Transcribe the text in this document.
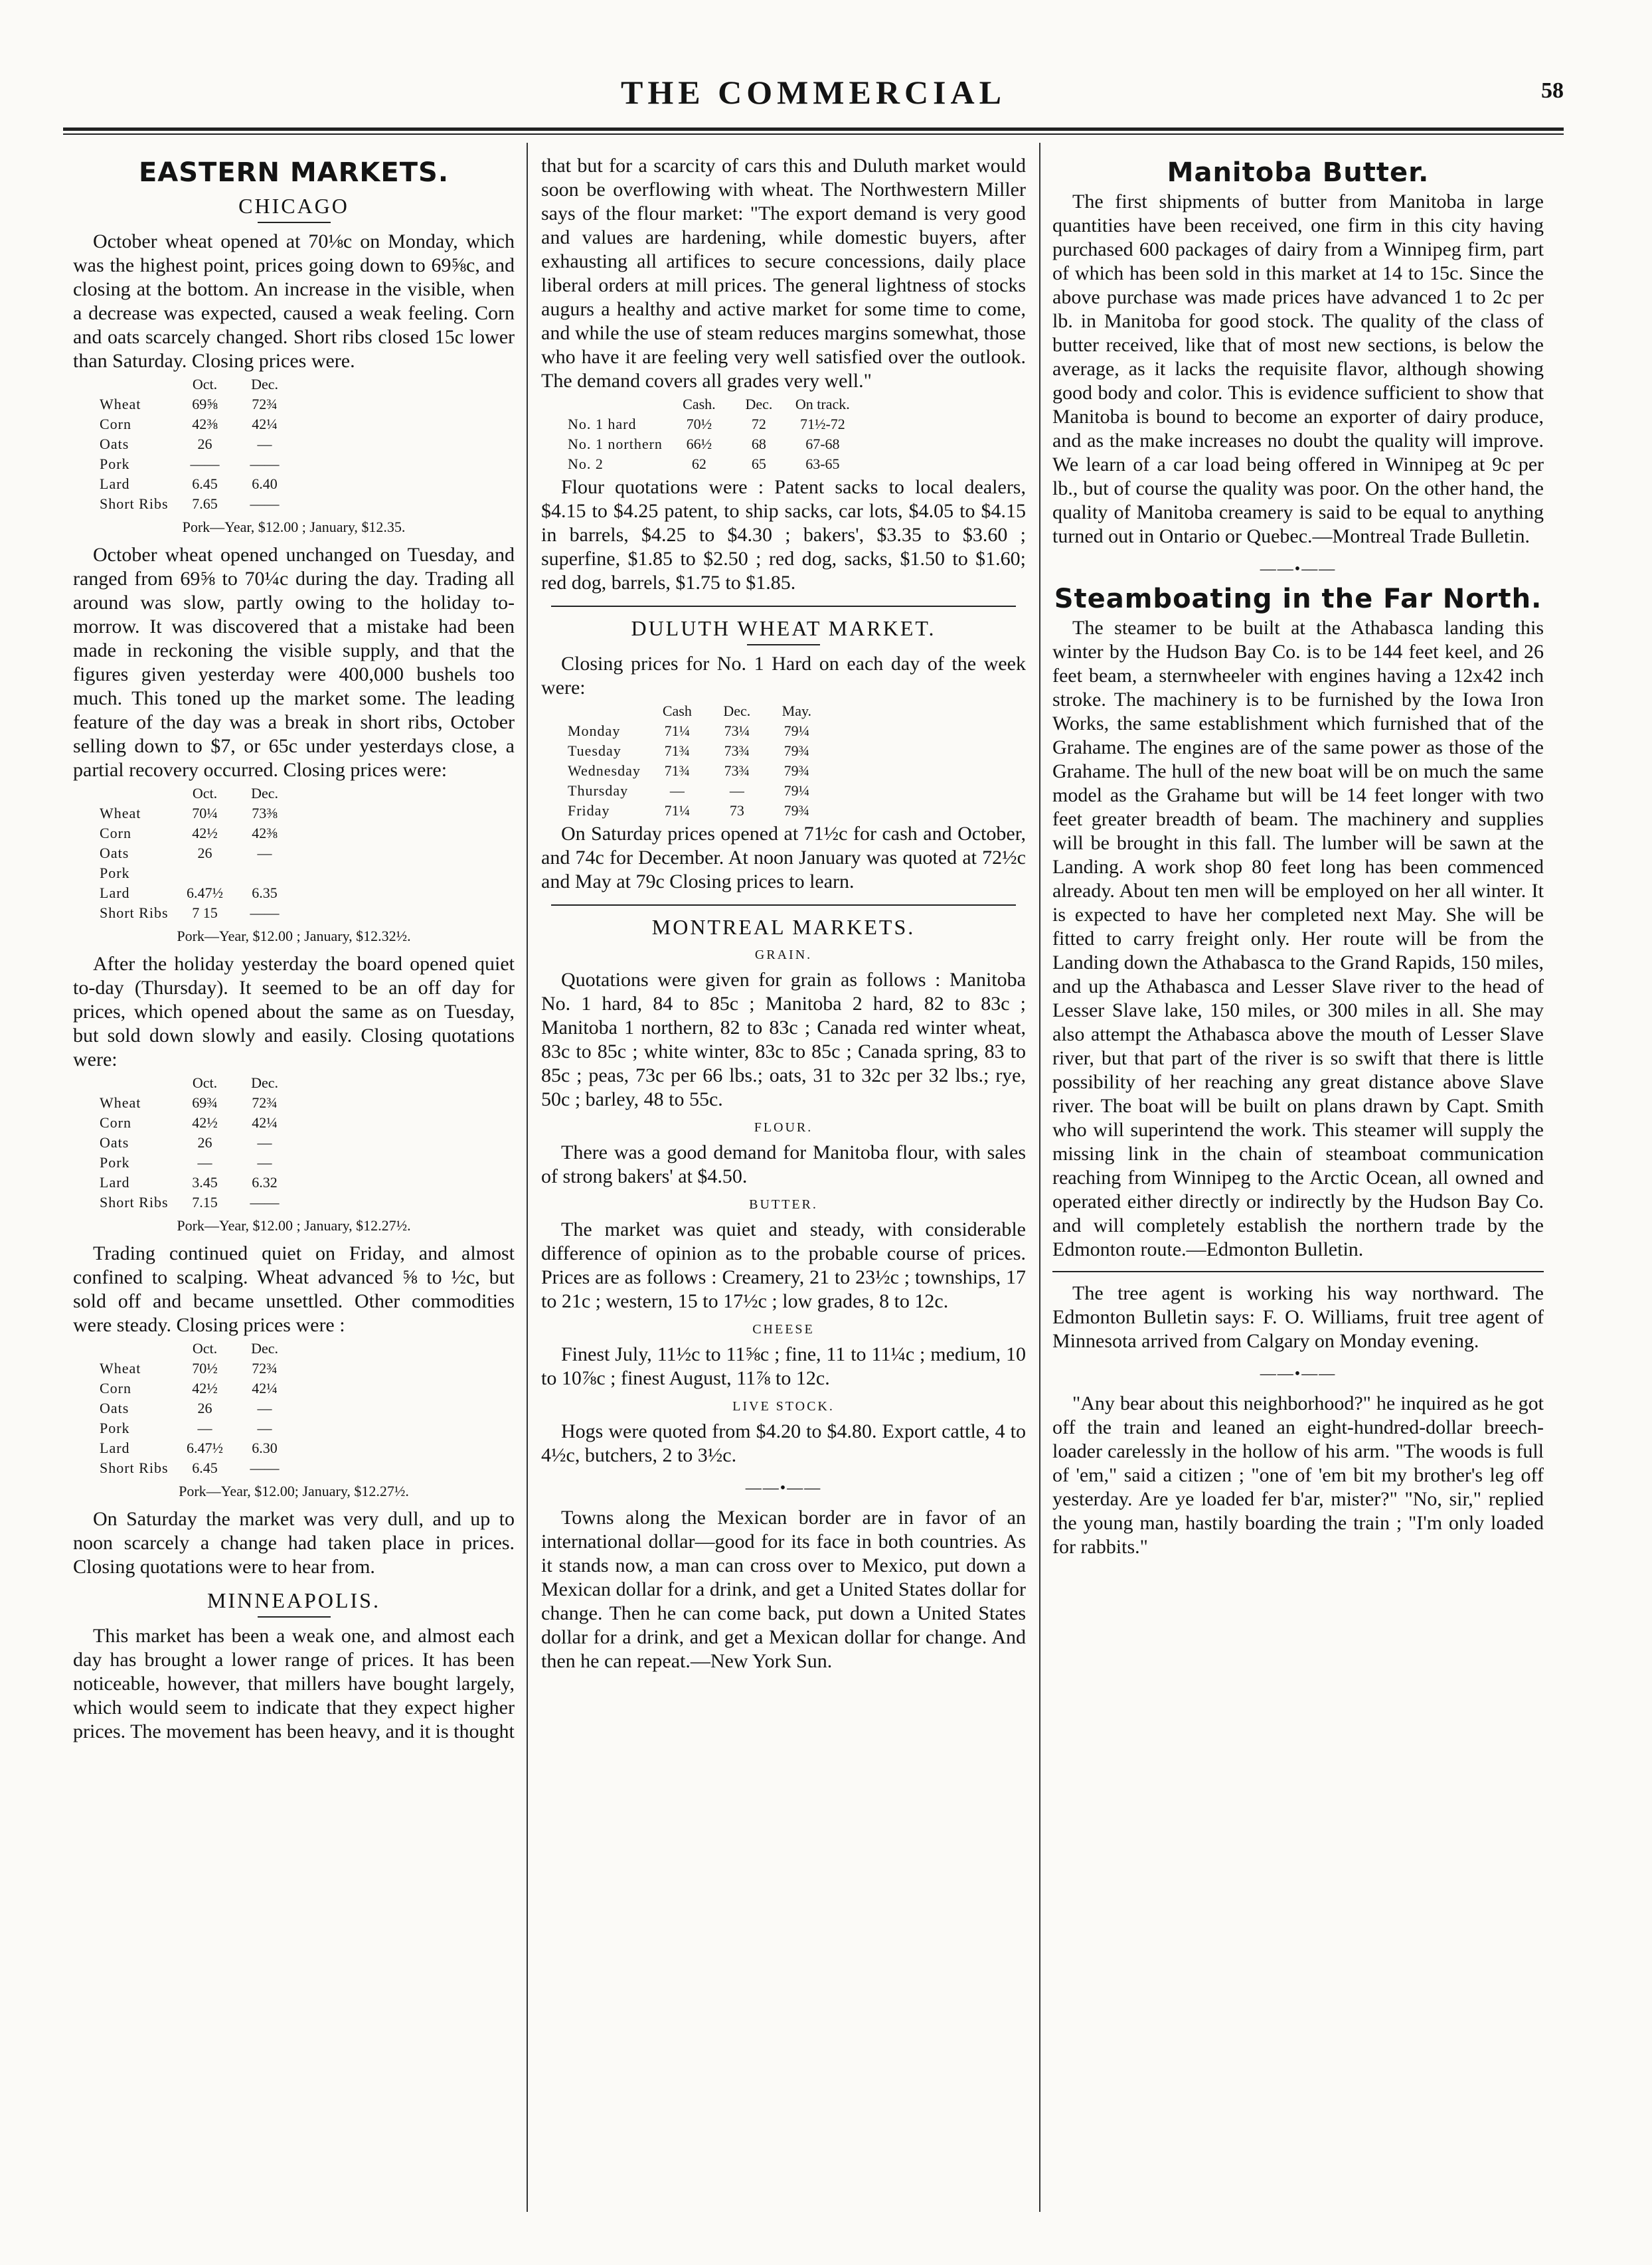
THE COMMERCIAL	58
EASTERN MARKETS.
CHICAGO

October wheat opened at 70⅛c on Monday, which was the highest point, prices going down to 69⅝c, and closing at the bottom. An increase in the visible, when a decrease was expected, caused a weak feeling. Corn and oats scarcely changed. Short ribs closed 15c lower than Saturday. Closing prices were.

	Oct.	Dec.
Wheat	69⅝	72¾
Corn	42⅜	42¼
Oats	26	—
Pork	——	——
Lard	6.45	6.40
Short Ribs	7.65	——
Pork—Year, $12.00 ; January, $12.35.

October wheat opened unchanged on Tuesday, and ranged from 69⅝ to 70¼c during the day. Trading all around was slow, partly owing to the holiday to-morrow. It was discovered that a mistake had been made in reckoning the visible supply, and that the figures given yesterday were 400,000 bushels too much. This toned up the market some. The leading feature of the day was a break in short ribs, October selling down to $7, or 65c under yesterdays close, a partial recovery occurred. Closing prices were:

	Oct.	Dec.
Wheat	70¼	73⅜
Corn	42½	42⅜
Oats	26	—
Pork		
Lard	6.47½	6.35
Short Ribs	7 15	——
Pork—Year, $12.00 ; January, $12.32½.

After the holiday yesterday the board opened quiet to-day (Thursday). It seemed to be an off day for prices, which opened about the same as on Tuesday, but sold down slowly and easily. Closing quotations were:

	Oct.	Dec.
Wheat	69¾	72¾
Corn	42½	42¼
Oats	26	—
Pork	—	—
Lard	3.45	6.32
Short Ribs	7.15	——
Pork—Year, $12.00 ; January, $12.27½.

Trading continued quiet on Friday, and almost confined to scalping. Wheat advanced ⅝ to ½c, but sold off and became unsettled. Other commodities were steady. Closing prices were :

	Oct.	Dec.
Wheat	70½	72¾
Corn	42½	42¼
Oats	26	—
Pork	—	—
Lard	6.47½	6.30
Short Ribs	6.45	——
Pork—Year, $12.00; January, $12.27½.

On Saturday the market was very dull, and up to noon scarcely a change had taken place in prices. Closing quotations were to hear from.

MINNEAPOLIS.

This market has been a weak one, and almost each day has brought a lower range of prices. It has been noticeable, however, that millers have bought largely, which would seem to indicate that they expect higher prices. The movement has been heavy, and it is thought

that but for a scarcity of cars this and Duluth market would soon be overflowing with wheat. The Northwestern Miller says of the flour market: "The export demand is very good and values are hardening, while domestic buyers, after exhausting all artifices to secure concessions, daily place liberal orders at mill prices. The general lightness of stocks augurs a healthy and active market for some time to come, and while the use of steam reduces margins somewhat, those who have it are feeling very well satisfied over the outlook. The demand covers all grades very well."

	Cash.	Dec.	On track.
No. 1 hard	70½	72	71½-72
No. 1 northern	66½	68	67-68
No. 2	62	65	63-65

Flour quotations were : Patent sacks to local dealers, $4.15 to $4.25 patent, to ship sacks, car lots, $4.05 to $4.15 in barrels, $4.25 to $4.30 ; bakers', $3.35 to $3.60 ; superfine, $1.85 to $2.50 ; red dog, sacks, $1.50 to $1.60; red dog, barrels, $1.75 to $1.85.

DULUTH WHEAT MARKET.

Closing prices for No. 1 Hard on each day of the week were:

	Cash	Dec.	May.
Monday	71¼	73¼	79¼
Tuesday	71¾	73¾	79¾
Wednesday	71¾	73¾	79¾
Thursday	—	—	79¼
Friday	71¼	73	79¾

On Saturday prices opened at 71½c for cash and October, and 74c for December. At noon January was quoted at 72½c and May at 79c Closing prices to learn.

MONTREAL MARKETS.
GRAIN.

Quotations were given for grain as follows : Manitoba No. 1 hard, 84 to 85c ; Manitoba 2 hard, 82 to 83c ; Manitoba 1 northern, 82 to 83c ; Canada red winter wheat, 83c to 85c ; white winter, 83c to 85c ; Canada spring, 83 to 85c ; peas, 73c per 66 lbs.; oats, 31 to 32c per 32 lbs.; rye, 50c ; barley, 48 to 55c.

FLOUR.

There was a good demand for Manitoba flour, with sales of strong bakers' at $4.50.

BUTTER.

The market was quiet and steady, with considerable difference of opinion as to the probable course of prices. Prices are as follows : Creamery, 21 to 23½c ; townships, 17 to 21c ; western, 15 to 17½c ; low grades, 8 to 12c.

CHEESE

Finest July, 11½c to 11⅝c ; fine, 11 to 11¼c ; medium, 10 to 10⅞c ; finest August, 11⅞ to 12c.

LIVE STOCK.

Hogs were quoted from $4.20 to $4.80. Export cattle, 4 to 4½c, butchers, 2 to 3½c.

——•——

Towns along the Mexican border are in favor of an international dollar—good for its face in both countries. As it stands now, a man can cross over to Mexico, put down a Mexican dollar for a drink, and get a United States dollar for change. Then he can come back, put down a United States dollar for a drink, and get a Mexican dollar for change. And then he can repeat.—New York Sun.

Manitoba Butter.

The first shipments of butter from Manitoba in large quantities have been received, one firm in this city having purchased 600 packages of dairy from a Winnipeg firm, part of which has been sold in this market at 14 to 15c. Since the above purchase was made prices have advanced 1 to 2c per lb. in Manitoba for good stock. The quality of the class of butter received, like that of most new sections, is below the average, as it lacks the requisite flavor, although showing good body and color. This is evidence sufficient to show that Manitoba is bound to become an exporter of dairy produce, and as the make increases no doubt the quality will improve. We learn of a car load being offered in Winnipeg at 9c per lb., but of course the quality was poor. On the other hand, the quality of Manitoba creamery is said to be equal to anything turned out in Ontario or Quebec.—Montreal Trade Bulletin.

——•——
Steamboating in the Far North.

The steamer to be built at the Athabasca landing this winter by the Hudson Bay Co. is to be 144 feet keel, and 26 feet beam, a sternwheeler with engines having a 12x42 inch stroke. The machinery is to be furnished by the Iowa Iron Works, the same establishment which furnished that of the Grahame. The engines are of the same power as those of the Grahame. The hull of the new boat will be on much the same model as the Grahame but will be 14 feet longer with two feet greater breadth of beam. The machinery and supplies will be brought in this fall. The lumber will be sawn at the Landing. A work shop 80 feet long has been commenced already. About ten men will be employed on her all winter. It is expected to have her completed next May. She will be fitted to carry freight only. Her route will be from the Landing down the Athabasca to the Grand Rapids, 150 miles, and up the Athabasca and Lesser Slave river to the head of Lesser Slave lake, 150 miles, or 300 miles in all. She may also attempt the Athabasca above the mouth of Lesser Slave river, but that part of the river is so swift that there is little possibility of her reaching any great distance above Slave river. The boat will be built on plans drawn by Capt. Smith who will superintend the work. This steamer will supply the missing link in the chain of steamboat communication reaching from Winnipeg to the Arctic Ocean, all owned and operated either directly or indirectly by the Hudson Bay Co. and will completely establish the northern trade by the Edmonton route.—Edmonton Bulletin.

The tree agent is working his way northward. The Edmonton Bulletin says: F. O. Williams, fruit tree agent of Minnesota arrived from Calgary on Monday evening.

——•——

"Any bear about this neighborhood?" he inquired as he got off the train and leaned an eight-hundred-dollar breech-loader carelessly in the hollow of his arm. "The woods is full of 'em," said a citizen ; "one of 'em bit my brother's leg off yesterday. Are ye loaded fer b'ar, mister?" "No, sir," replied the young man, hastily boarding the train ; "I'm only loaded for rabbits."
